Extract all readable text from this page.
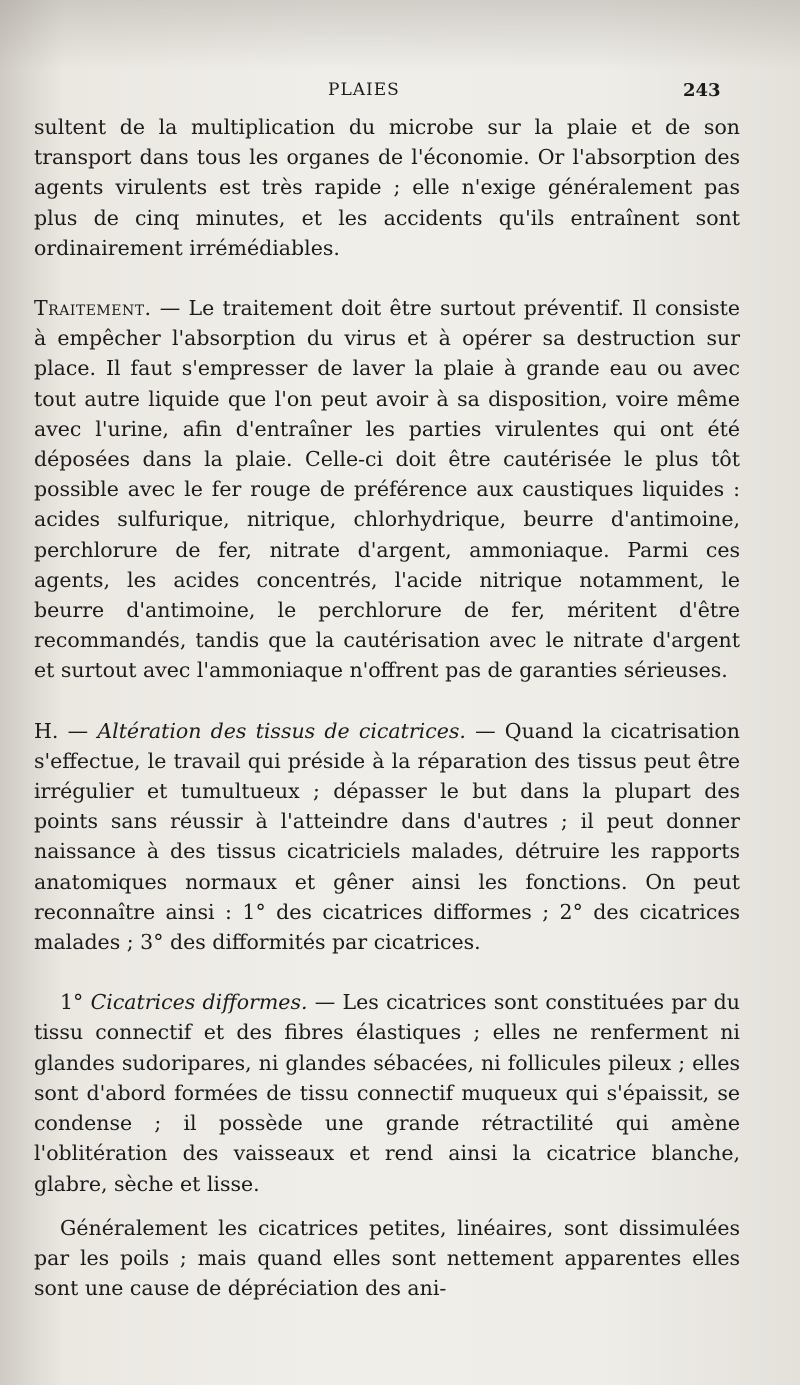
PLAIES	243

sultent de la multiplication du microbe sur la plaie et de son transport dans tous les organes de l'économie. Or l'absorption des agents virulents est très rapide ; elle n'exige généralement pas plus de cinq minutes, et les accidents qu'ils entraînent sont ordinairement irrémédiables.

Traitement. — Le traitement doit être surtout préventif. Il consiste à empêcher l'absorption du virus et à opérer sa destruction sur place. Il faut s'empresser de laver la plaie à grande eau ou avec tout autre liquide que l'on peut avoir à sa disposition, voire même avec l'urine, afin d'entraîner les parties virulentes qui ont été déposées dans la plaie. Celle-ci doit être cautérisée le plus tôt possible avec le fer rouge de préférence aux caustiques liquides : acides sulfurique, nitrique, chlorhydrique, beurre d'antimoine, perchlorure de fer, nitrate d'argent, ammoniaque. Parmi ces agents, les acides concentrés, l'acide nitrique notamment, le beurre d'antimoine, le perchlorure de fer, méritent d'être recommandés, tandis que la cautérisation avec le nitrate d'argent et surtout avec l'ammoniaque n'offrent pas de garanties sérieuses.

H. — Altération des tissus de cicatrices. — Quand la cicatrisation s'effectue, le travail qui préside à la réparation des tissus peut être irrégulier et tumultueux ; dépasser le but dans la plupart des points sans réussir à l'atteindre dans d'autres ; il peut donner naissance à des tissus cicatriciels malades, détruire les rapports anatomiques normaux et gêner ainsi les fonctions. On peut reconnaître ainsi : 1° des cicatrices difformes ; 2° des cicatrices malades ; 3° des difformités par cicatrices.

1° Cicatrices difformes. — Les cicatrices sont constituées par du tissu connectif et des fibres élastiques ; elles ne renferment ni glandes sudoripares, ni glandes sébacées, ni follicules pileux ; elles sont d'abord formées de tissu connectif muqueux qui s'épaissit, se condense ; il possède une grande rétractilité qui amène l'oblitération des vaisseaux et rend ainsi la cicatrice blanche, glabre, sèche et lisse.

Généralement les cicatrices petites, linéaires, sont dissimulées par les poils ; mais quand elles sont nettement apparentes elles sont une cause de dépréciation des ani-
